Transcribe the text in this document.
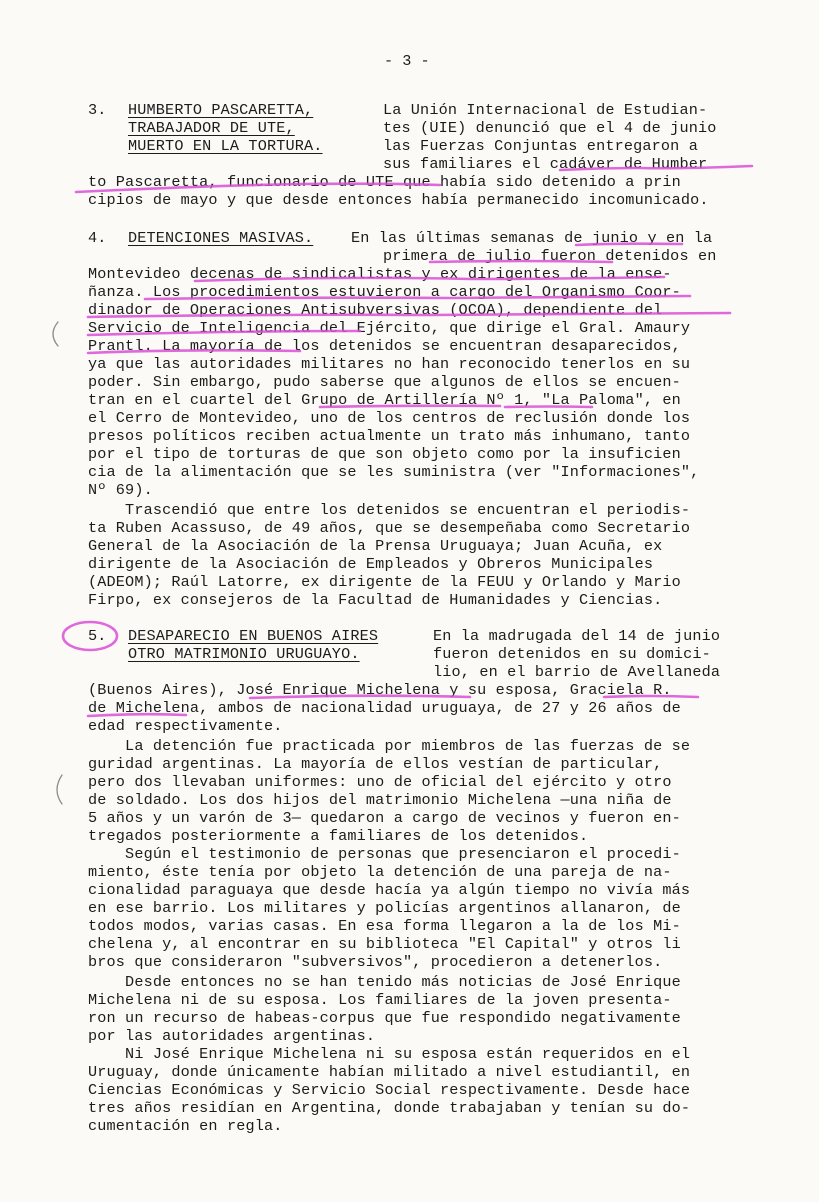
- 3 -
3. HUMBERTO PASCARETTA,
TRABAJADOR DE UTE,
MUERTO EN LA TORTURA.
La Unión Internacional de Estudian-
tes (UIE) denunció que el 4 de junio
las Fuerzas Conjuntas entregaron a
sus familiares el cadáver de Humber
to Pascaretta, funcionario de UTE que había sido detenido a prin
cipios de mayo y que desde entonces había permanecido incomunicado.
4. DETENCIONES MASIVAS. En las últimas semanas de junio y en la
primera de julio fueron detenidos en
Montevideo decenas de sindicalistas y ex dirigentes de la ense-
ñanza. Los procedimientos estuvieron a cargo del Organismo Coor-
dinador de Operaciones Antisubversivas (OCOA), dependiente del
Servicio de Inteligencia del Ejército, que dirige el Gral. Amaury
Prantl. La mayoría de los detenidos se encuentran desaparecidos,
ya que las autoridades militares no han reconocido tenerlos en su
poder. Sin embargo, pudo saberse que algunos de ellos se encuen-
tran en el cuartel del Grupo de Artillería Nº 1, "La Paloma", en
el Cerro de Montevideo, uno de los centros de reclusión donde los
presos políticos reciben actualmente un trato más inhumano, tanto
por el tipo de torturas de que son objeto como por la insuficien
cia de la alimentación que se les suministra (ver "Informaciones",
Nº 69).
Trascendió que entre los detenidos se encuentran el periodis-
ta Ruben Acassuso, de 49 años, que se desempeñaba como Secretario
General de la Asociación de la Prensa Uruguaya; Juan Acuña, ex
dirigente de la Asociación de Empleados y Obreros Municipales
(ADEOM); Raúl Latorre, ex dirigente de la FEUU y Orlando y Mario
Firpo, ex consejeros de la Facultad de Humanidades y Ciencias.
5. DESAPARECIO EN BUENOS AIRES
OTRO MATRIMONIO URUGUAYO.
En la madrugada del 14 de junio
fueron detenidos en su domici-
lio, en el barrio de Avellaneda
(Buenos Aires), José Enrique Michelena y su esposa, Graciela R.
de Michelena, ambos de nacionalidad uruguaya, de 27 y 26 años de
edad respectivamente.
La detención fue practicada por miembros de las fuerzas de se
guridad argentinas. La mayoría de ellos vestían de particular,
pero dos llevaban uniformes: uno de oficial del ejército y otro
de soldado. Los dos hijos del matrimonio Michelena —una niña de
5 años y un varón de 3— quedaron a cargo de vecinos y fueron en-
tregados posteriormente a familiares de los detenidos.
Según el testimonio de personas que presenciaron el procedi-
miento, éste tenía por objeto la detención de una pareja de na-
cionalidad paraguaya que desde hacía ya algún tiempo no vivía más
en ese barrio. Los militares y policías argentinos allanaron, de
todos modos, varias casas. En esa forma llegaron a la de los Mi-
chelena y, al encontrar en su biblioteca "El Capital" y otros li
bros que consideraron "subversivos", procedieron a detenerlos.
Desde entonces no se han tenido más noticias de José Enrique
Michelena ni de su esposa. Los familiares de la joven presenta-
ron un recurso de habeas-corpus que fue respondido negativamente
por las autoridades argentinas.
Ni José Enrique Michelena ni su esposa están requeridos en el
Uruguay, donde únicamente habían militado a nivel estudiantil, en
Ciencias Económicas y Servicio Social respectivamente. Desde hace
tres años residían en Argentina, donde trabajaban y tenían su do-
cumentación en regla.
